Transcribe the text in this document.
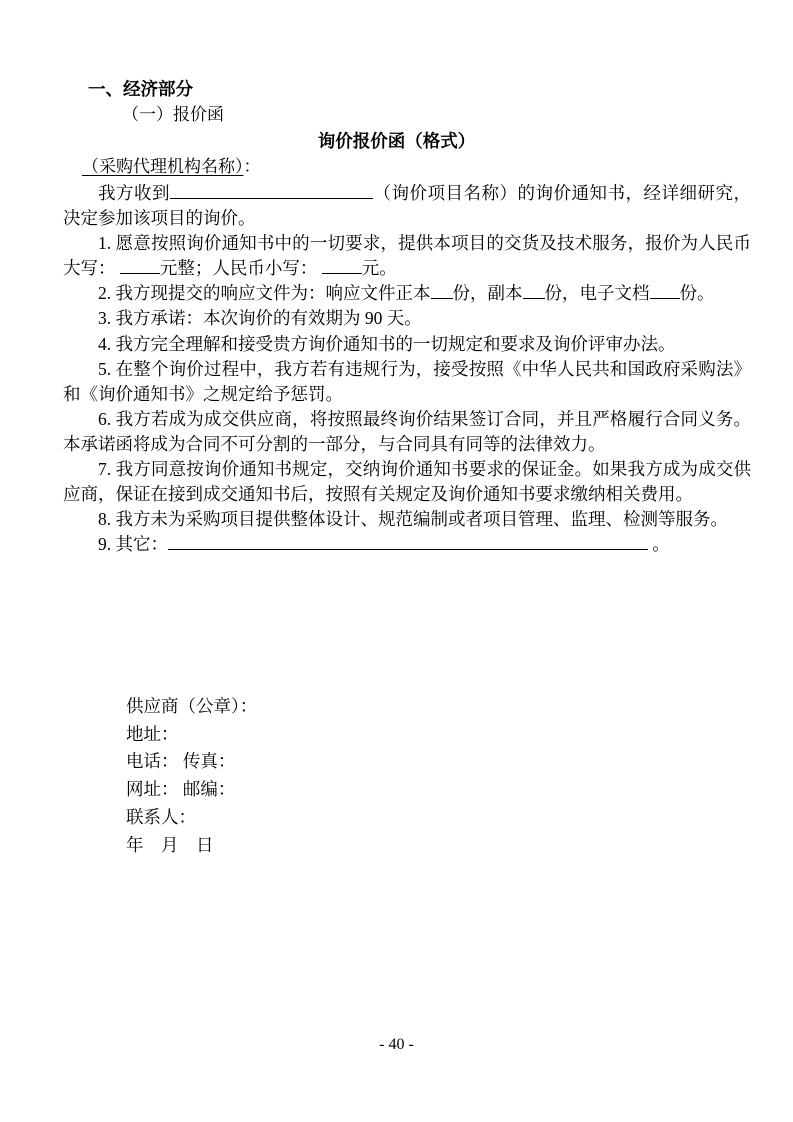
一、经济部分
（一）报价函
询价报价函（格式）
（采购代理机构名称）：

我方收到	（询价项目名称）的询价通知书，经详细研究，决定参加该项目的询价。

1. 愿意按照询价通知书中的一切要求，提供本项目的交货及技术服务，报价为人民币大写： 元整；人民币小写： 元。

2. 我方现提交的响应文件为：响应文件正本 份，副本 份，电子文档 份。

3. 我方承诺：本次询价的有效期为 90 天。

4. 我方完全理解和接受贵方询价通知书的一切规定和要求及询价评审办法。

5. 在整个询价过程中，我方若有违规行为，接受按照《中华人民共和国政府采购法》和《询价通知书》之规定给予惩罚。

6. 我方若成为成交供应商，将按照最终询价结果签订合同，并且严格履行合同义务。本承诺函将成为合同不可分割的一部分，与合同具有同等的法律效力。

7. 我方同意按询价通知书规定，交纳询价通知书要求的保证金。如果我方成为成交供应商，保证在接到成交通知书后，按照有关规定及询价通知书要求缴纳相关费用。

8. 我方未为采购项目提供整体设计、规范编制或者项目管理、监理、检测等服务。

9. 其它：	。

供应商（公章）：
地址：
电话： 传真：
网址： 邮编：
联系人：
年　月　日
- 40 -
